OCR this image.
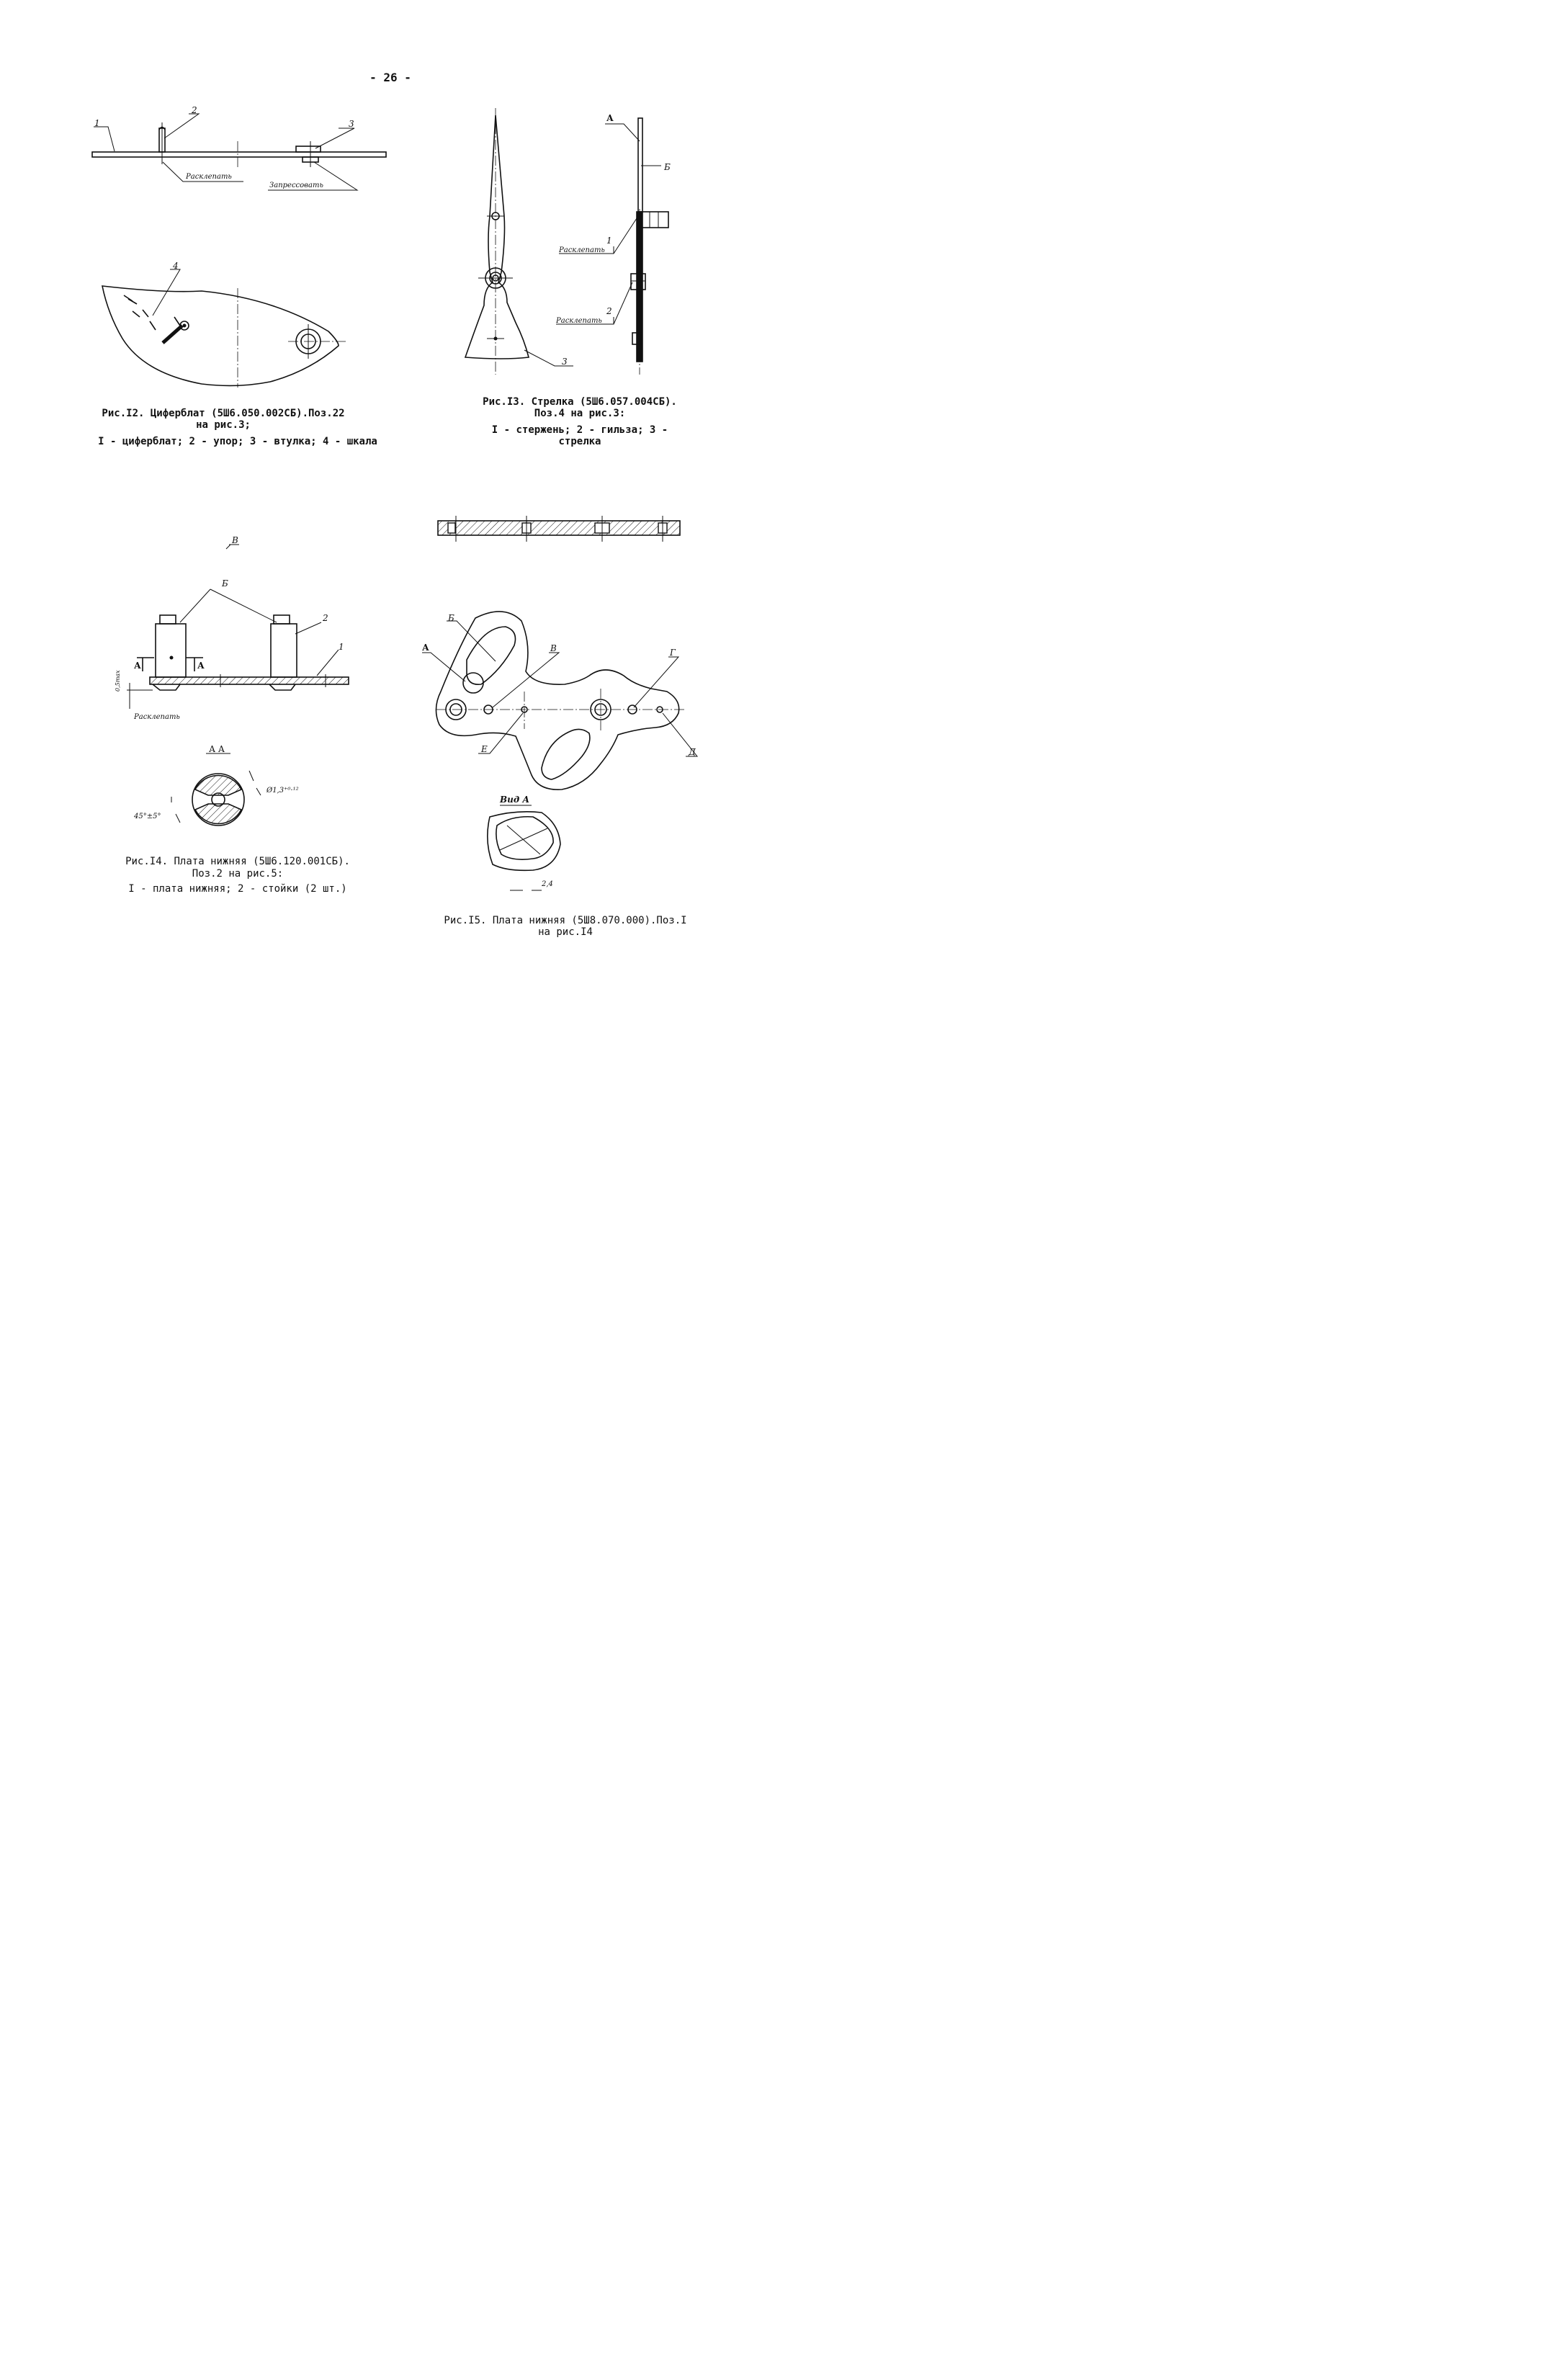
- 26 -
1
2
3
4
Расклепать
Запрессовать
Рис.I2. Циферблат (5Ш6.050.002СБ).Поз.22
на рис.3;
I - циферблат; 2 - упор; 3 - втулка; 4 - шкала
А
Б
1
Расклепать
2
Расклепать
3
Рис.I3. Стрелка (5Ш6.057.004СБ).
Поз.4 на рис.3:
I - стержень; 2 - гильза; 3 -
стрелка
В
Б
2
1
А	А
0,5max
Расклепать
А А
Ø1,3⁺⁰·¹²
45°±5°
Рис.I4. Плата нижняя (5Ш6.120.001СБ).
Поз.2 на рис.5:
I - плата нижняя; 2 - стойки (2 шт.)
Б
А	В	Г
Е	Д
Вид А
2,4
Рис.I5. Плата нижняя (5Ш8.070.000).Поз.I
на рис.I4
